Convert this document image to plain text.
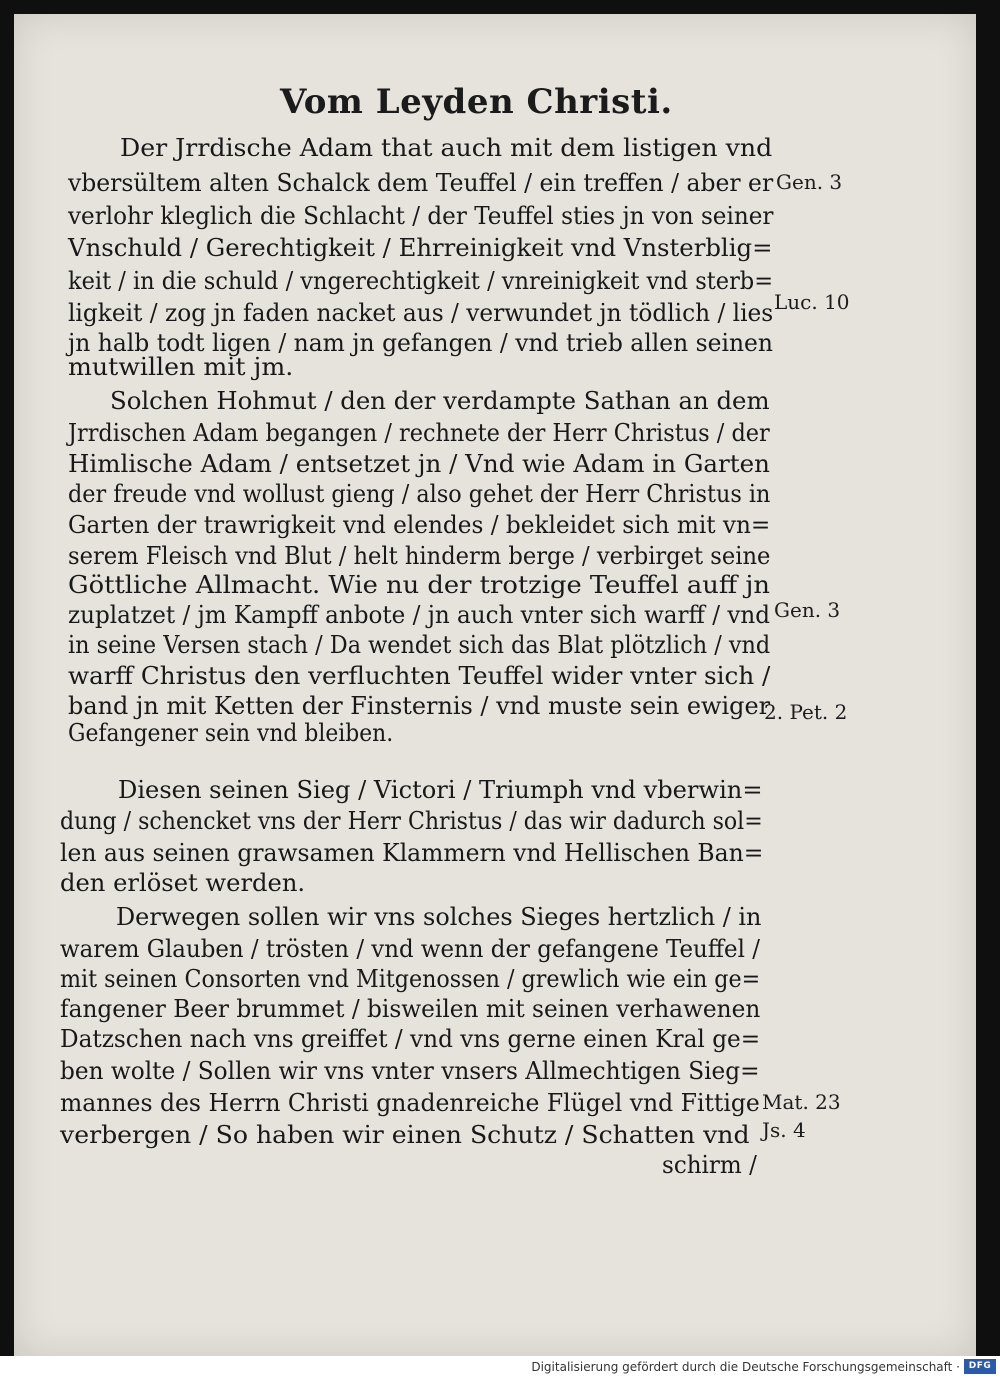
Vom Leyden Christi.
Der Jrrdische Adam that auch mit dem listigen vnd
vbersültem alten Schalck dem Teuffel / ein treffen / aber er
verlohr kleglich die Schlacht / der Teuffel sties jn von seiner
Vnschuld / Gerechtigkeit / Ehrreinigkeit vnd Vnsterblig=
keit / in die schuld / vngerechtigkeit / vnreinigkeit vnd sterb=
ligkeit / zog jn faden nacket aus / verwundet jn tödlich / lies
jn halb todt ligen / nam jn gefangen / vnd trieb allen seinen
mutwillen mit jm.
Solchen Hohmut / den der verdampte Sathan an dem
Jrrdischen Adam begangen / rechnete der Herr Christus / der
Himlische Adam / entsetzet jn / Vnd wie Adam in Garten
der freude vnd wollust gieng / also gehet der Herr Christus in
Garten der trawrigkeit vnd elendes / bekleidet sich mit vn=
serem Fleisch vnd Blut / helt hinderm berge / verbirget seine
Göttliche Allmacht. Wie nu der trotzige Teuffel auff jn
zuplatzet / jm Kampff anbote / jn auch vnter sich warff / vnd
in seine Versen stach / Da wendet sich das Blat plötzlich / vnd
warff Christus den verfluchten Teuffel wider vnter sich /
band jn mit Ketten der Finsternis / vnd muste sein ewiger
Gefangener sein vnd bleiben.
Diesen seinen Sieg / Victori / Triumph vnd vberwin=
dung / schencket vns der Herr Christus / das wir dadurch sol=
len aus seinen grawsamen Klammern vnd Hellischen Ban=
den erlöset werden.
Derwegen sollen wir vns solches Sieges hertzlich / in
warem Glauben / trösten / vnd wenn der gefangene Teuffel /
mit seinen Consorten vnd Mitgenossen / grewlich wie ein ge=
fangener Beer brummet / bisweilen mit seinen verhawenen
Datzschen nach vns greiffet / vnd vns gerne einen Kral ge=
ben wolte / Sollen wir vns vnter vnsers Allmechtigen Sieg=
mannes des Herrn Christi gnadenreiche Flügel vnd Fittige
verbergen / So haben wir einen Schutz / Schatten vnd
schirm /
Gen. 3
Luc. 10
Gen. 3
2. Pet. 2
Mat. 23
Js. 4
Digitalisierung gefördert durch die Deutsche Forschungsgemeinschaft · DFG
